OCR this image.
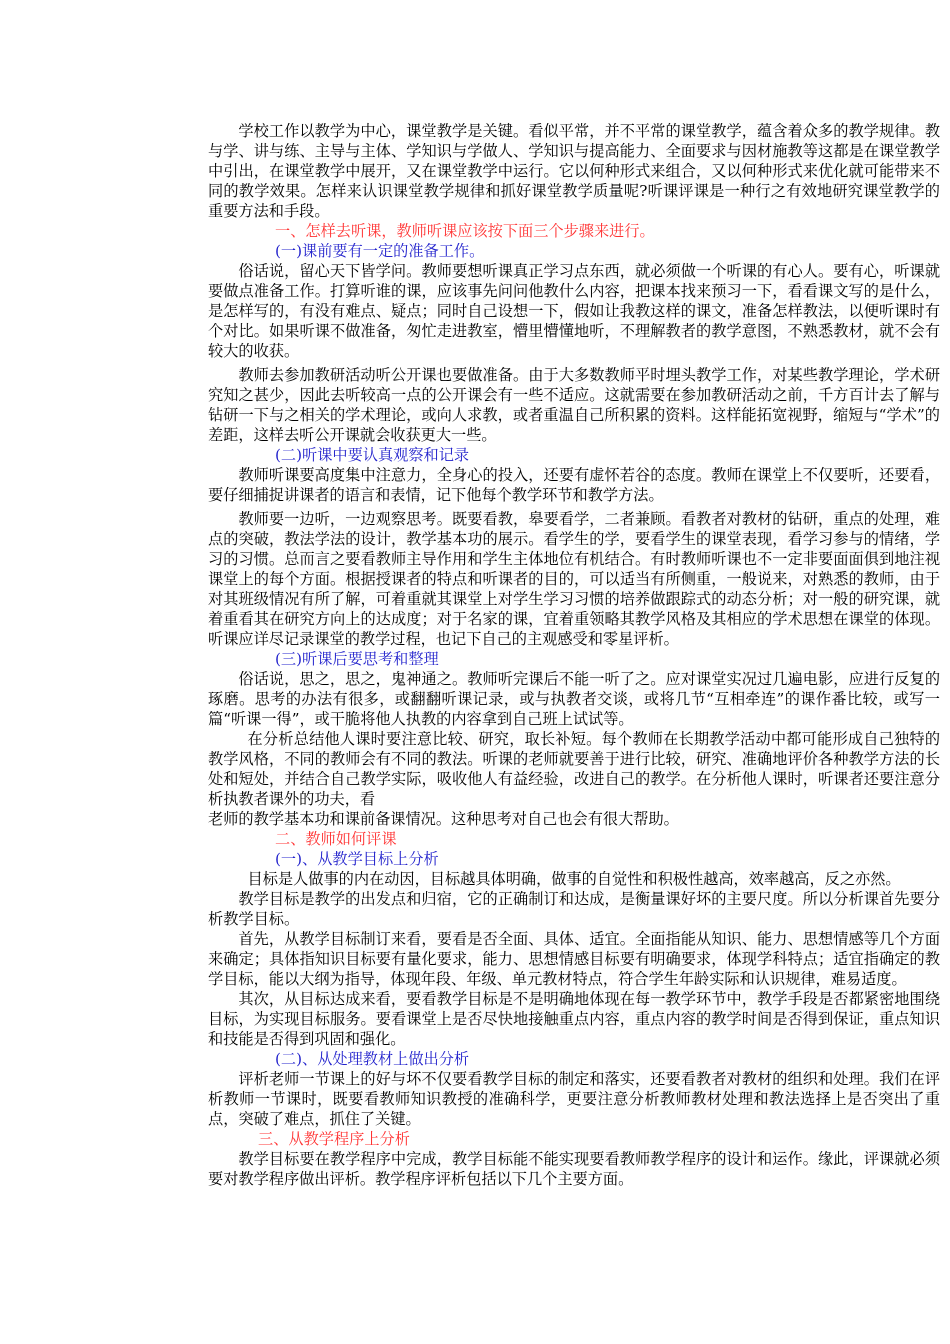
学校工作以教学为中心，课堂教学是关键。看似平常，并不平常的课堂教学，蕴含着众多的教学规律。教与学、讲与练、主导与主体、学知识与学做人、学知识与提高能力、全面要求与因材施教等这都是在课堂教学中引出，在课堂教学中展开，又在课堂教学中运行。它以何种形式来组合，又以何种形式来优化就可能带来不同的教学效果。怎样来认识课堂教学规律和抓好课堂教学质量呢?听课评课是一种行之有效地研究课堂教学的重要方法和手段。

一、怎样去听课，教师听课应该按下面三个步骤来进行。

(一)课前要有一定的准备工作。

俗话说，留心天下皆学问。教师要想听课真正学习点东西，就必须做一个听课的有心人。要有心，听课就要做点准备工作。打算听谁的课，应该事先问问他教什么内容，把课本找来预习一下，看看课文写的是什么，是怎样写的，有没有难点、疑点；同时自己设想一下，假如让我教这样的课文，准备怎样教法，以便听课时有个对比。如果听课不做准备，匆忙走进教室，懵里懵懂地听，不理解教者的教学意图，不熟悉教材，就不会有较大的收获。

教师去参加教研活动听公开课也要做准备。由于大多数教师平时埋头教学工作，对某些教学理论，学术研究知之甚少，因此去听较高一点的公开课会有一些不适应。这就需要在参加教研活动之前，千方百计去了解与钻研一下与之相关的学术理论，或向人求教，或者重温自己所积累的资料。这样能拓宽视野，缩短与“学术”的差距，这样去听公开课就会收获更大一些。

(二)听课中要认真观察和记录

教师听课要高度集中注意力，全身心的投入，还要有虚怀若谷的态度。教师在课堂上不仅要听，还要看，要仔细捕捉讲课者的语言和表情，记下他每个教学环节和教学方法。

教师要一边听，一边观察思考。既要看教，皋要看学，二者兼顾。看教者对教材的钻研，重点的处理，难点的突破，教法学法的设计，教学基本功的展示。看学生的学，要看学生的课堂表现，看学习参与的情绪，学习的习惯。总而言之要看教师主导作用和学生主体地位有机结合。有时教师听课也不一定非要面面俱到地注视课堂上的每个方面。根据授课者的特点和听课者的目的，可以适当有所侧重，一般说来，对熟悉的教师，由于对其班级情况有所了解，可着重就其课堂上对学生学习习惯的培养做跟踪式的动态分析；对一般的研究课，就着重看其在研究方向上的达成度；对于名家的课，宜着重领略其教学风格及其相应的学术思想在课堂的体现。听课应详尽记录课堂的教学过程，也记下自己的主观感受和零星评析。

(三)听课后要思考和整理

俗话说，思之，思之，鬼神通之。教师听完课后不能一听了之。应对课堂实况过几遍电影，应进行反复的琢磨。思考的办法有很多，或翻翻听课记录，或与执教者交谈，或将几节“互相牵连”的课作番比较，或写一篇“听课一得”，或干脆将他人执教的内容拿到自己班上试试等。

在分析总结他人课时要注意比较、研究，取长补短。每个教师在长期教学活动中都可能形成自己独特的教学风格，不同的教师会有不同的教法。听课的老师就要善于进行比较，研究、准确地评价各种教学方法的长处和短处，并结合自己教学实际，吸收他人有益经验，改进自己的教学。在分析他人课时，听课者还要注意分析执教者课外的功夫，看

老师的教学基本功和课前备课情况。这种思考对自己也会有很大帮助。

二、教师如何评课

(一)、从教学目标上分析

目标是人做事的内在动因，目标越具体明确，做事的自觉性和积极性越高，效率越高，反之亦然。

教学目标是教学的出发点和归宿，它的正确制订和达成，是衡量课好坏的主要尺度。所以分析课首先要分析教学目标。

首先，从教学目标制订来看，要看是否全面、具体、适宜。全面指能从知识、能力、思想情感等几个方面来确定；具体指知识目标要有量化要求，能力、思想情感目标要有明确要求，体现学科特点；适宜指确定的教学目标，能以大纲为指导，体现年段、年级、单元教材特点，符合学生年龄实际和认识规律，难易适度。

其次，从目标达成来看，要看教学目标是不是明确地体现在每一教学环节中，教学手段是否都紧密地围绕目标，为实现目标服务。要看课堂上是否尽快地接触重点内容，重点内容的教学时间是否得到保证，重点知识和技能是否得到巩固和强化。

(二)、从处理教材上做出分析

评析老师一节课上的好与坏不仅要看教学目标的制定和落实，还要看教者对教材的组织和处理。我们在评析教师一节课时，既要看教师知识教授的准确科学，更要注意分析教师教材处理和教法选择上是否突出了重点，突破了难点，抓住了关键。

三、从教学程序上分析

教学目标要在教学程序中完成，教学目标能不能实现要看教师教学程序的设计和运作。缘此，评课就必须要对教学程序做出评析。教学程序评析包括以下几个主要方面。
